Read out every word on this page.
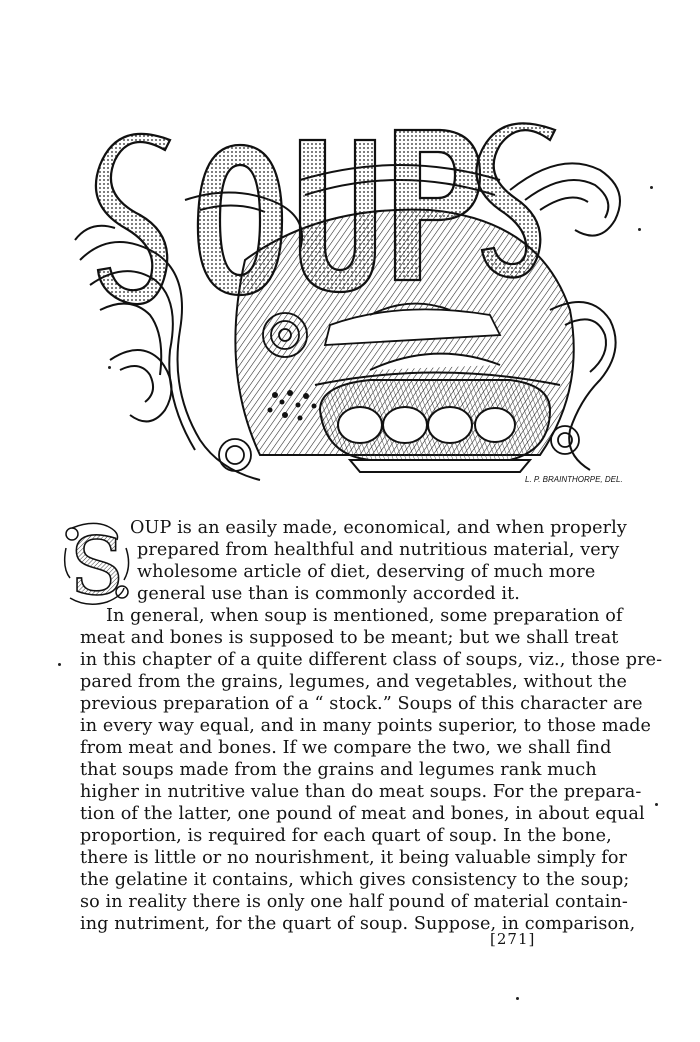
L. P. BRAINTHORPE, DEL.
S OUP is an easily made, economical, and when properly
prepared from healthful and nutritious material, very
wholesome article of diet, deserving of much more
general use than is commonly accorded it.
In general, when soup is mentioned, some preparation of
meat and bones is supposed to be meant; but we shall treat
in this chapter of a quite different class of soups, viz., those pre-
pared from the grains, legumes, and vegetables, without the
previous preparation of a “ stock.” Soups of this character are
in every way equal, and in many points superior, to those made
from meat and bones. If we compare the two, we shall find
that soups made from the grains and legumes rank much
higher in nutritive value than do meat soups. For the prepara-
tion of the latter, one pound of meat and bones, in about equal
proportion, is required for each quart of soup. In the bone,
there is little or no nourishment, it being valuable simply for
the gelatine it contains, which gives consistency to the soup;
so in reality there is only one half pound of material contain-
ing nutriment, for the quart of soup. Suppose, in comparison,
[271]
